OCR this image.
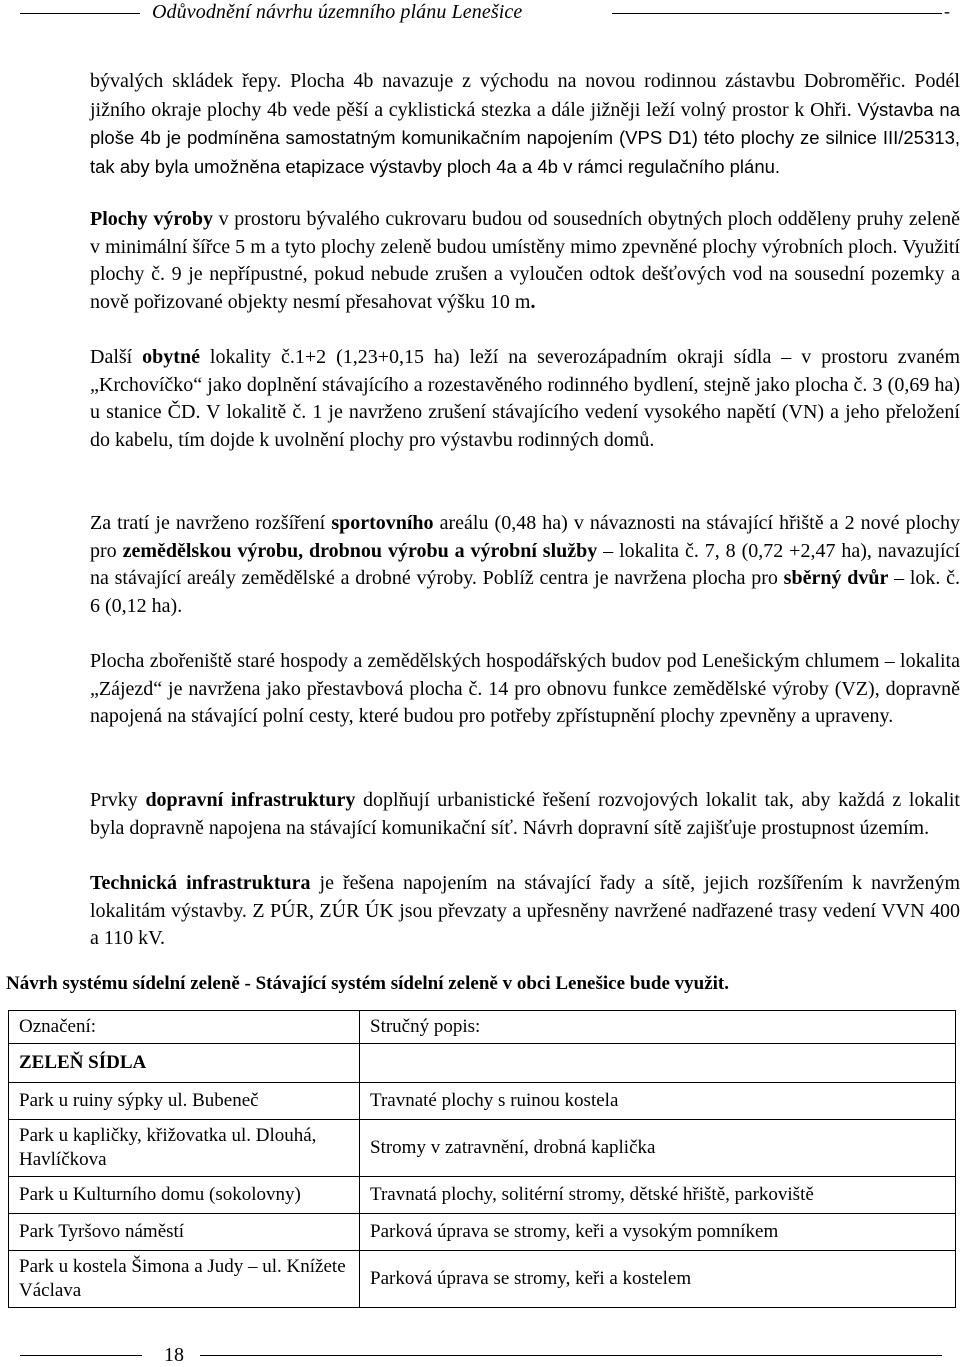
Odůvodnění návrhu územního plánu Lenešice	-
bývalých skládek řepy. Plocha 4b navazuje z východu na novou rodinnou zástavbu Dobroměřic. Podél jižního okraje plochy 4b vede pěší a cyklistická stezka a dále jižněji leží volný prostor k Ohři. Výstavba na ploše 4b je podmíněna samostatným komunikačním napojením (VPS D1) této plochy ze silnice III/25313, tak aby byla umožněna etapizace výstavby ploch 4a a 4b v rámci regulačního plánu.
Plochy výroby v prostoru bývalého cukrovaru budou od sousedních obytných ploch odděleny pruhy zeleně v minimální šířce 5 m a tyto plochy zeleně budou umístěny mimo zpevněné plochy výrobních ploch. Využití plochy č. 9 je nepřípustné, pokud nebude zrušen a vyloučen odtok dešťových vod na sousední pozemky a nově pořizované objekty nesmí přesahovat výšku 10 m.
Další obytné lokality č.1+2 (1,23+0,15 ha) leží na severozápadním okraji sídla – v prostoru zvaném „Krchovíčko“ jako doplnění stávajícího a rozestavěného rodinného bydlení, stejně jako plocha č. 3 (0,69 ha) u stanice ČD. V lokalitě č. 1 je navrženo zrušení stávajícího vedení vysokého napětí (VN) a jeho přeložení do kabelu, tím dojde k uvolnění plochy pro výstavbu rodinných domů.
Za tratí je navrženo rozšíření sportovního areálu (0,48 ha) v návaznosti na stávající hřiště a 2 nové plochy pro zemědělskou výrobu, drobnou výrobu a výrobní služby – lokalita č. 7, 8 (0,72 +2,47 ha), navazující na stávající areály zemědělské a drobné výroby. Poblíž centra je navržena plocha pro sběrný dvůr – lok. č. 6 (0,12 ha).
Plocha zbořeniště staré hospody a zemědělských hospodářských budov pod Lenešickým chlumem – lokalita „Zájezd“ je navržena jako přestavbová plocha č. 14 pro obnovu funkce zemědělské výroby (VZ), dopravně napojená na stávající polní cesty, které budou pro potřeby zpřístupnění plochy zpevněny a upraveny.
Prvky dopravní infrastruktury doplňují urbanistické řešení rozvojových lokalit tak, aby každá z lokalit byla dopravně napojena na stávající komunikační síť. Návrh dopravní sítě zajišťuje prostupnost územím.
Technická infrastruktura je řešena napojením na stávající řady a sítě, jejich rozšířením k navrženým lokalitám výstavby. Z PÚR, ZÚR ÚK jsou převzaty a upřesněny navržené nadřazené trasy vedení VVN 400 a 110 kV.
Návrh systému sídelní zeleně - Stávající systém sídelní zeleně v obci Lenešice bude využit.
Označení:	Stručný popis:
ZELEŇ SÍDLA	
Park u ruiny sýpky ul. Bubeneč	Travnaté plochy s ruinou kostela
Park u kapličky, křižovatka ul. Dlouhá, Havlíčkova	Stromy v zatravnění, drobná kaplička
Park u Kulturního domu (sokolovny)	Travnatá plochy, solitérní stromy, dětské hřiště, parkoviště
Park Tyršovo náměstí	Parková úprava se stromy, keři a vysokým pomníkem
Park u kostela Šimona a Judy – ul. Knížete Václava	Parková úprava se stromy, keři a kostelem
18
